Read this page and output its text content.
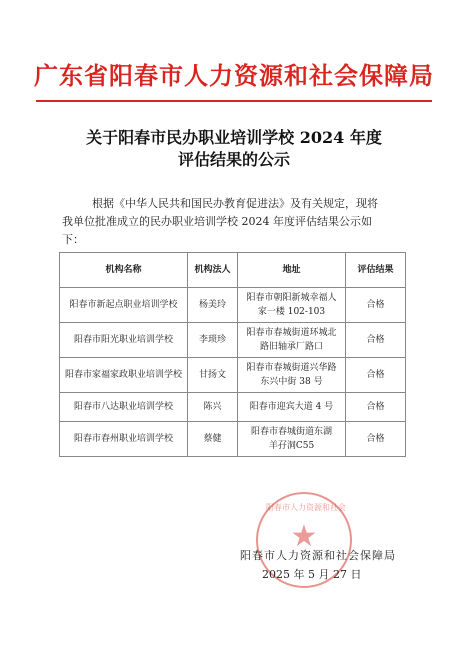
广东省阳春市人力资源和社会保障局
关于阳春市民办职业培训学校 2024 年度
评估结果的公示
根据《中华人民共和国民办教育促进法》及有关规定，现将
我单位批准成立的民办职业培训学校 2024 年度评估结果公示如
下：
机构名称	机构法人	地址	评估结果
阳春市新起点职业培训学校	杨美玲	阳春市朝阳新城幸福人
家一楼 102-103	合格
阳春市阳光职业培训学校	李琐珍	阳春市春城街道环城北
路旧轴承厂路口	合格
阳春市家福家政职业培训学校	甘扬文	阳春市春城街道兴华路
东兴中街 38 号	合格
阳春市八达职业培训学校	陈兴	阳春市迎宾大道 4 号	合格
阳春市春州职业培训学校	蔡健	阳春市春城街道东湖
羊孖洞C55	合格
阳春市人力资源和社会
★
阳春市人力资源和社会保障局
2025 年 5 月 27 日
